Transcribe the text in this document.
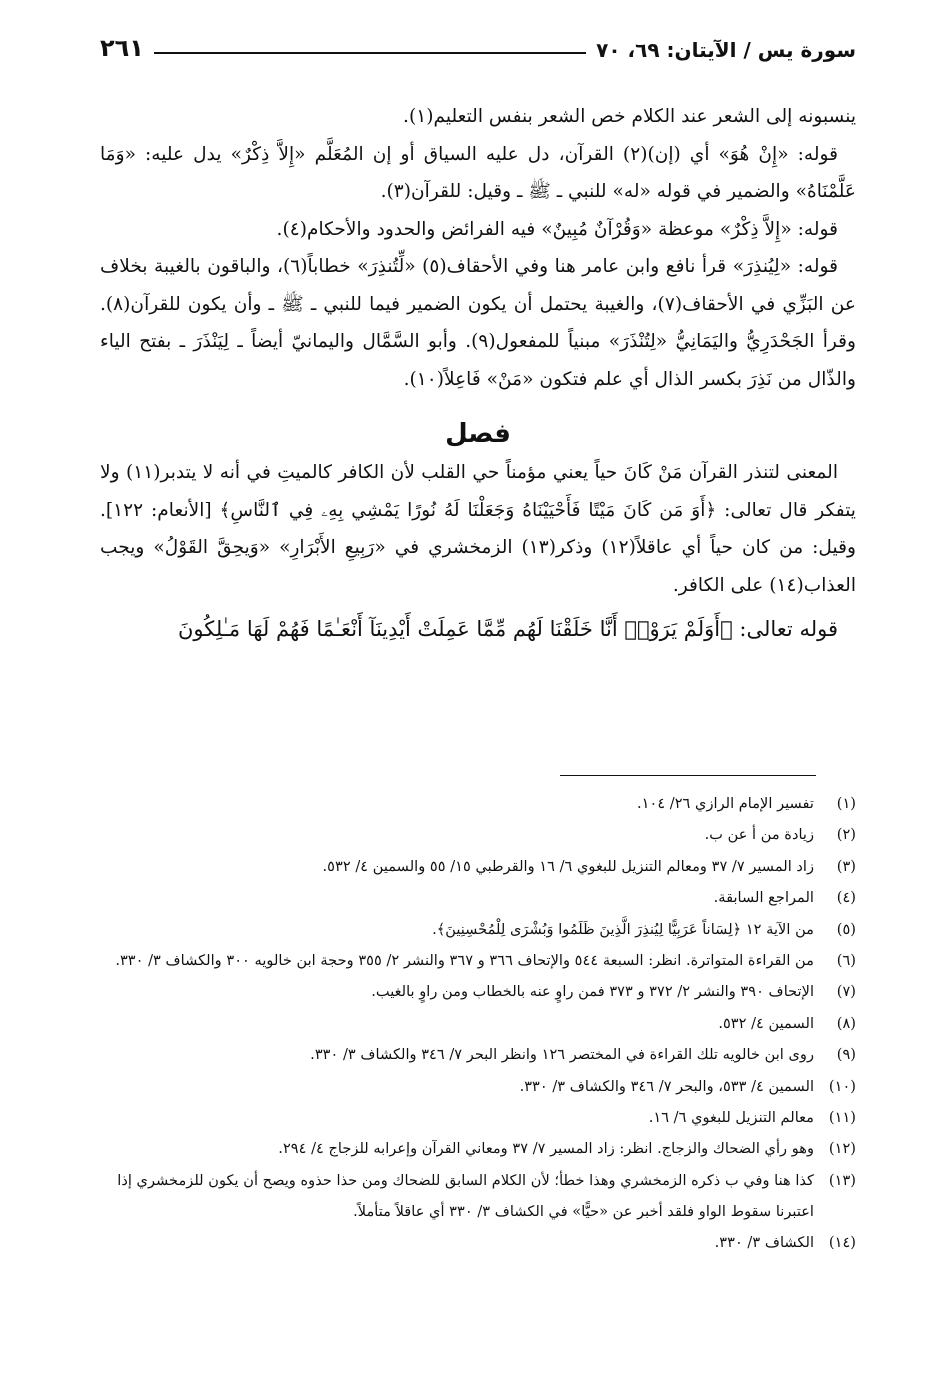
سورة يس / الآيتان: ٦٩، ٧٠
٢٦١

ينسبونه إلى الشعر عند الكلام خص الشعر بنفس التعليم(١).

قوله: «إِنْ هُوَ» أي (إن)(٢) القرآن، دل عليه السياق أو إن المُعَلَّم «إِلاَّ ذِكْرٌ» يدل عليه: «وَمَا عَلَّمْنَاهُ» والضمير في قوله «له» للنبي ـ ﷺ ـ وقيل: للقرآن(٣).

قوله: «إِلاَّ ذِكْرٌ» موعظة «وَقُرْآنٌ مُبِينٌ» فيه الفرائض والحدود والأحكام(٤).

قوله: «لِيُنذِرَ» قرأ نافع وابن عامر هنا وفي الأحقاف(٥) «لِّتُنذِرَ» خطاباً(٦)، والباقون بالغيبة بخلاف عن البَزِّي في الأحقاف(٧)، والغيبة يحتمل أن يكون الضمير فيما للنبي ـ ﷺ ـ وأن يكون للقرآن(٨). وقرأ الجَحْدَرِيُّ واليَمَانِيُّ «لِتُنْذَرَ» مبنياً للمفعول(٩). وأبو السَّمَّال واليمانيّ أيضاً ـ لِيَنْذَرَ ـ بفتح الياء والذّال من نَذِرَ بكسر الذال أي علم فتكون «مَنْ» فَاعِلاً(١٠).

فصل

المعنى لتنذر القرآن مَنْ كَانَ حياً يعني مؤمناً حي القلب لأن الكافر كالميتِ في أنه لا يتدبر(١١) ولا يتفكر قال تعالى: ﴿أَوَ مَن كَانَ مَيْتًا فَأَحْيَيْنَاهُ وَجَعَلْنَا لَهُ نُورًا يَمْشِي بِهِۦ فِي ٱلنَّاسِ﴾ [الأنعام: ١٢٢]. وقيل: من كان حياً أي عاقلاً(١٢) وذكر(١٣) الزمخشري في «رَبِيعِ الأَبْرَارِ» «وَيحِقَّ القَوْلُ» ويجب العذاب(١٤) على الكافر.

قوله تعالى: ﴿أَوَلَمْ يَرَوْا۟ أَنَّا خَلَقْنَا لَهُم مِّمَّا عَمِلَتْ أَيْدِينَآ أَنْعَـٰمًا فَهُمْ لَهَا مَـٰلِكُونَ

(١)
تفسير الإمام الرازي ٢٦/ ١٠٤.
(٢)
زيادة من أ عن ب.
(٣)
زاد المسير ٧/ ٣٧ ومعالم التنزيل للبغوي ٦/ ١٦ والقرطبي ١٥/ ٥٥ والسمين ٤/ ٥٣٢.
(٤)
المراجع السابقة.
(٥)
من الآية ١٢ ﴿لِسَاناً عَرَبِيًّا لِيُنذِرَ الَّذِينَ ظَلَمُوا وَبُشْرَى لِلْمُحْسِنِينَ﴾.
(٦)
من القراءة المتواترة. انظر: السبعة ٥٤٤ والإتحاف ٣٦٦ و ٣٦٧ والنشر ٢/ ٣٥٥ وحجة ابن خالويه ٣٠٠ والكشاف ٣/ ٣٣٠.
(٧)
الإتحاف ٣٩٠ والنشر ٢/ ٣٧٢ و ٣٧٣ فمن راوٍ عنه بالخطاب ومن راوٍ بالغيب.
(٨)
السمين ٤/ ٥٣٢.
(٩)
روى ابن خالويه تلك القراءة في المختصر ١٢٦ وانظر البحر ٧/ ٣٤٦ والكشاف ٣/ ٣٣٠.
(١٠)
السمين ٤/ ٥٣٣، والبحر ٧/ ٣٤٦ والكشاف ٣/ ٣٣٠.
(١١)
معالم التنزيل للبغوي ٦/ ١٦.
(١٢)
وهو رأي الضحاك والزجاج. انظر: زاد المسير ٧/ ٣٧ ومعاني القرآن وإعرابه للزجاج ٤/ ٢٩٤.
(١٣)
كذا هنا وفي ب ذكره الزمخشري وهذا خطأ؛ لأن الكلام السابق للضحاك ومن حذا حذوه ويصح أن يكون للزمخشري إذا اعتبرنا سقوط الواو فلقد أخبر عن «حيًّا» في الكشاف ٣/ ٣٣٠ أي عاقلاً متأملاً.
(١٤)
الكشاف ٣/ ٣٣٠.
